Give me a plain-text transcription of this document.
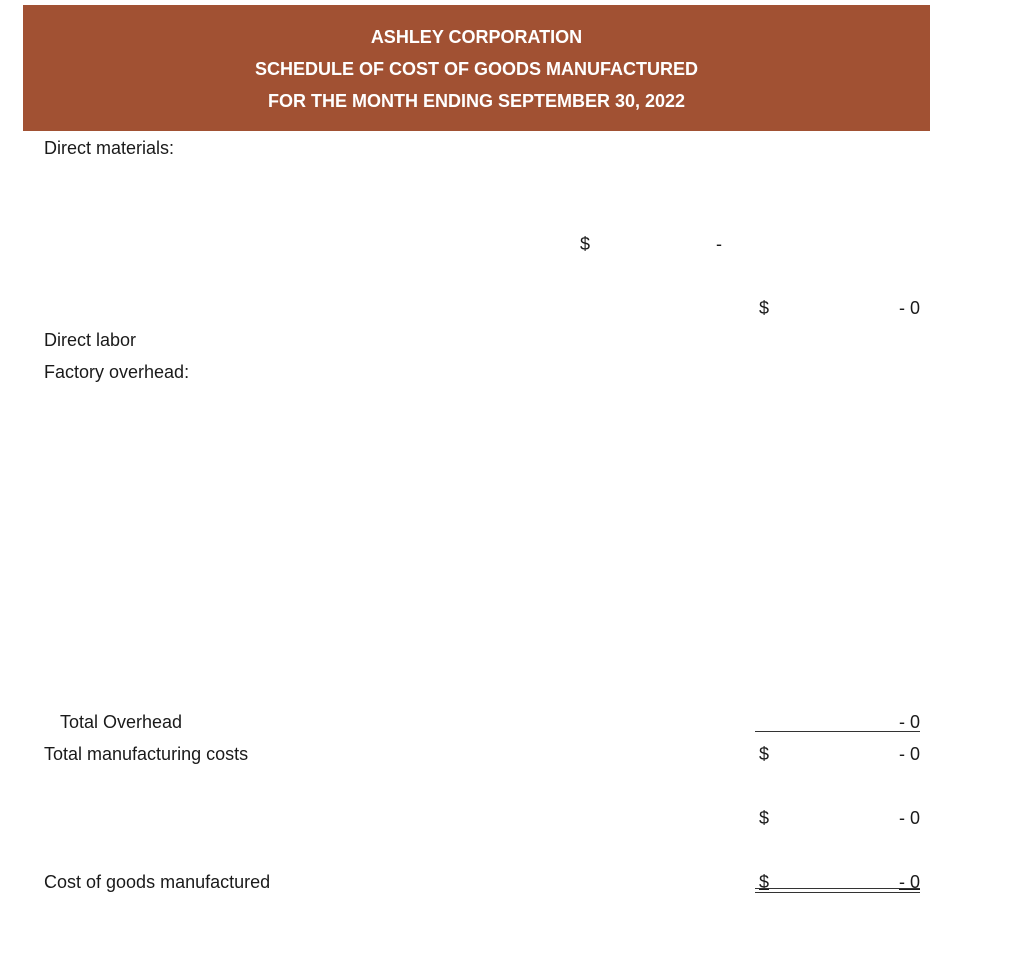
ASHLEY CORPORATION
SCHEDULE OF COST OF GOODS MANUFACTURED
FOR THE MONTH ENDING SEPTEMBER 30, 2022
Direct materials:
$	-
$	- 0
Direct labor
Factory overhead:
Total Overhead	- 0
Total manufacturing costs	$	- 0
$	- 0
Cost of goods manufactured	$	- 0
